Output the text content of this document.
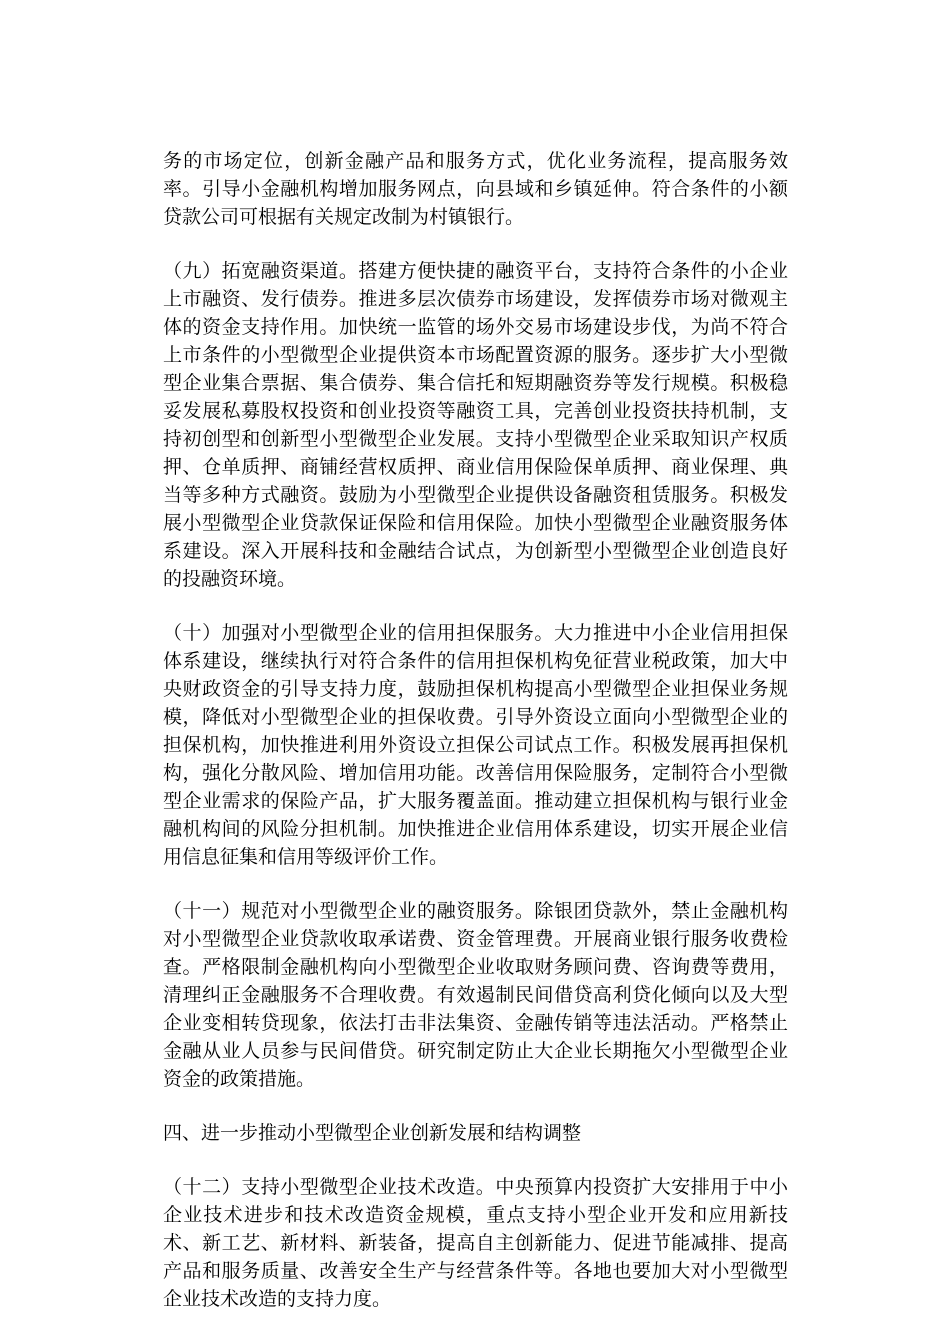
务的市场定位，创新金融产品和服务方式，优化业务流程，提高服务效率。引导小金融机构增加服务网点，向县域和乡镇延伸。符合条件的小额贷款公司可根据有关规定改制为村镇银行。

（九）拓宽融资渠道。搭建方便快捷的融资平台，支持符合条件的小企业上市融资、发行债券。推进多层次债券市场建设，发挥债券市场对微观主体的资金支持作用。加快统一监管的场外交易市场建设步伐，为尚不符合上市条件的小型微型企业提供资本市场配置资源的服务。逐步扩大小型微型企业集合票据、集合债券、集合信托和短期融资券等发行规模。积极稳妥发展私募股权投资和创业投资等融资工具，完善创业投资扶持机制，支持初创型和创新型小型微型企业发展。支持小型微型企业采取知识产权质押、仓单质押、商铺经营权质押、商业信用保险保单质押、商业保理、典当等多种方式融资。鼓励为小型微型企业提供设备融资租赁服务。积极发展小型微型企业贷款保证保险和信用保险。加快小型微型企业融资服务体系建设。深入开展科技和金融结合试点，为创新型小型微型企业创造良好的投融资环境。

（十）加强对小型微型企业的信用担保服务。大力推进中小企业信用担保体系建设，继续执行对符合条件的信用担保机构免征营业税政策，加大中央财政资金的引导支持力度，鼓励担保机构提高小型微型企业担保业务规模，降低对小型微型企业的担保收费。引导外资设立面向小型微型企业的担保机构，加快推进利用外资设立担保公司试点工作。积极发展再担保机构，强化分散风险、增加信用功能。改善信用保险服务，定制符合小型微型企业需求的保险产品，扩大服务覆盖面。推动建立担保机构与银行业金融机构间的风险分担机制。加快推进企业信用体系建设，切实开展企业信用信息征集和信用等级评价工作。

（十一）规范对小型微型企业的融资服务。除银团贷款外，禁止金融机构对小型微型企业贷款收取承诺费、资金管理费。开展商业银行服务收费检查。严格限制金融机构向小型微型企业收取财务顾问费、咨询费等费用，清理纠正金融服务不合理收费。有效遏制民间借贷高利贷化倾向以及大型企业变相转贷现象，依法打击非法集资、金融传销等违法活动。严格禁止金融从业人员参与民间借贷。研究制定防止大企业长期拖欠小型微型企业资金的政策措施。

四、进一步推动小型微型企业创新发展和结构调整

（十二）支持小型微型企业技术改造。中央预算内投资扩大安排用于中小企业技术进步和技术改造资金规模，重点支持小型企业开发和应用新技术、新工艺、新材料、新装备，提高自主创新能力、促进节能减排、提高产品和服务质量、改善安全生产与经营条件等。各地也要加大对小型微型企业技术改造的支持力度。
